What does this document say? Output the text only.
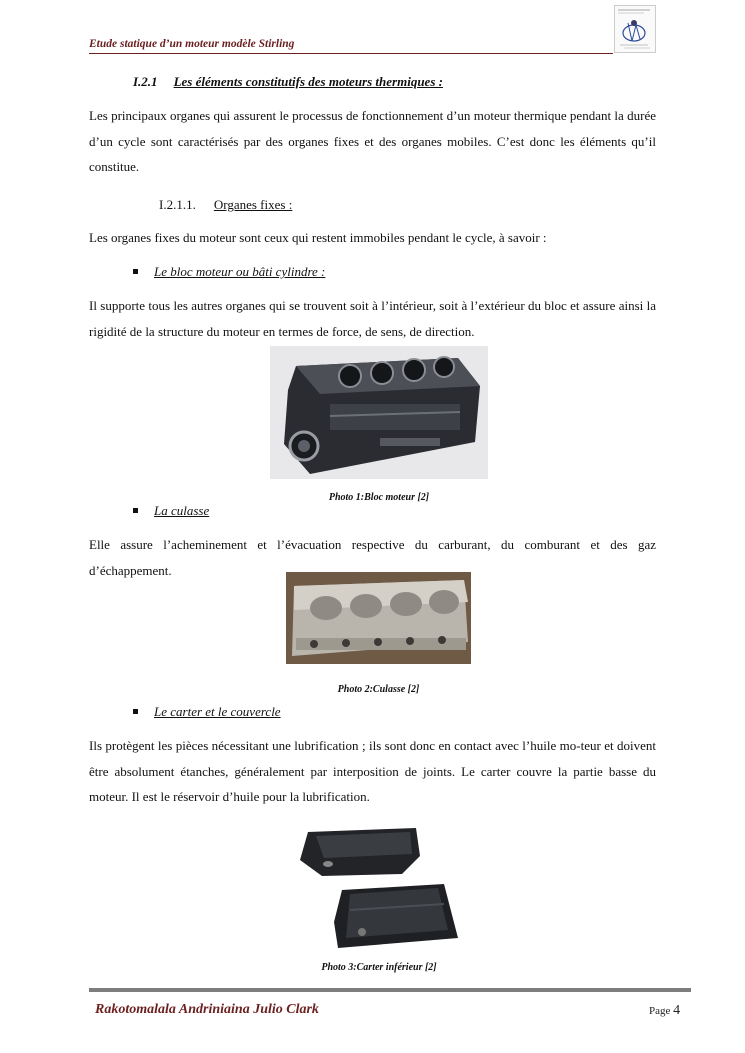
Etude statique d’un moteur modèle Stirling
I.2.1 Les éléments constitutifs des moteurs thermiques :
Les principaux organes qui assurent le processus de fonctionnement d’un moteur thermique pendant la durée d’un cycle sont caractérisés par des organes fixes et des organes mobiles. C’est donc les éléments qu’il constitue.
I.2.1.1. Organes fixes :
Les organes fixes du moteur sont ceux qui restent immobiles pendant le cycle, à savoir :
Le bloc moteur ou bâti cylindre :
Il supporte tous les autres organes qui se trouvent soit à l’intérieur, soit à l’extérieur du bloc et assure ainsi la rigidité de la structure du moteur en termes de force, de sens, de direction.
Photo 1:Bloc moteur [2]
La culasse
Elle assure l’acheminement et l’évacuation respective du carburant, du comburant et des gaz d’échappement.
Photo 2:Culasse [2]
Le carter et le couvercle
Ils protègent les pièces nécessitant une lubrification ; ils sont donc en contact avec l’huile mo-teur et doivent être absolument étanches, généralement par interposition de joints. Le carter couvre la partie basse du moteur. Il est le réservoir d’huile pour la lubrification.
Photo 3:Carter inférieur [2]
Rakotomalala Andriniaina Julio Clark	Page 4
